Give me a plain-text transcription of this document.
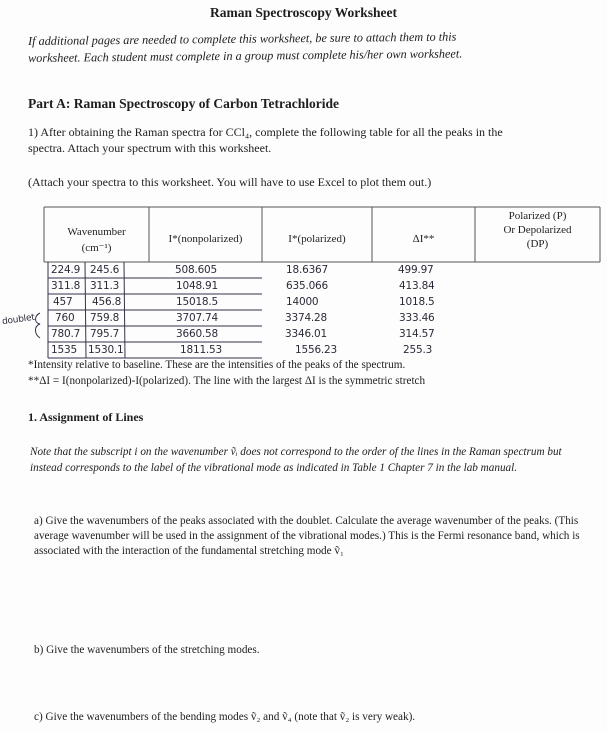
Raman Spectroscopy Worksheet
If additional pages are needed to complete this worksheet, be sure to attach them to this
worksheet. Each student must complete in a group must complete his/her own worksheet.
Part A: Raman Spectroscopy of Carbon Tetrachloride
1) After obtaining the Raman spectra for CCl₄, complete the following table for all the peaks in the
spectra. Attach your spectrum with this worksheet.
(Attach your spectra to this worksheet. You will have to use Excel to plot them out.)
Wavenumber
(cm⁻¹)
I*(nonpolarized)	I*(polarized)	ΔI**
Polarized (P)
Or Depolarized
(DP)
doublet
224.9 245.6	508.605	18.6367	499.97
311.8 311.3	1048.91	635.066	413.84
457 456.8	15018.5	14000	1018.5
760 759.8	3707.74	3374.28	333.46
780.7 795.7	3660.58	3346.01	314.57
1535 1530.1	1811.53	1556.23	255.3
*Intensity relative to baseline. These are the intensities of the peaks of the spectrum.
**ΔI = I(nonpolarized)-I(polarized). The line with the largest ΔI is the symmetric stretch
1. Assignment of Lines
Note that the subscript i on the wavenumber ṽᵢ does not correspond to the order of the lines in the Raman spectrum but instead corresponds to the label of the vibrational mode as indicated in Table 1 Chapter 7 in the lab manual.
a) Give the wavenumbers of the peaks associated with the doublet. Calculate the average wavenumber of the peaks. (This average wavenumber will be used in the assignment of the vibrational modes.) This is the Fermi resonance band, which is associated with the interaction of the fundamental stretching mode ṽ₁
b) Give the wavenumbers of the stretching modes.
c) Give the wavenumbers of the bending modes ṽ₂ and ṽ₄ (note that ṽ₂ is very weak).
